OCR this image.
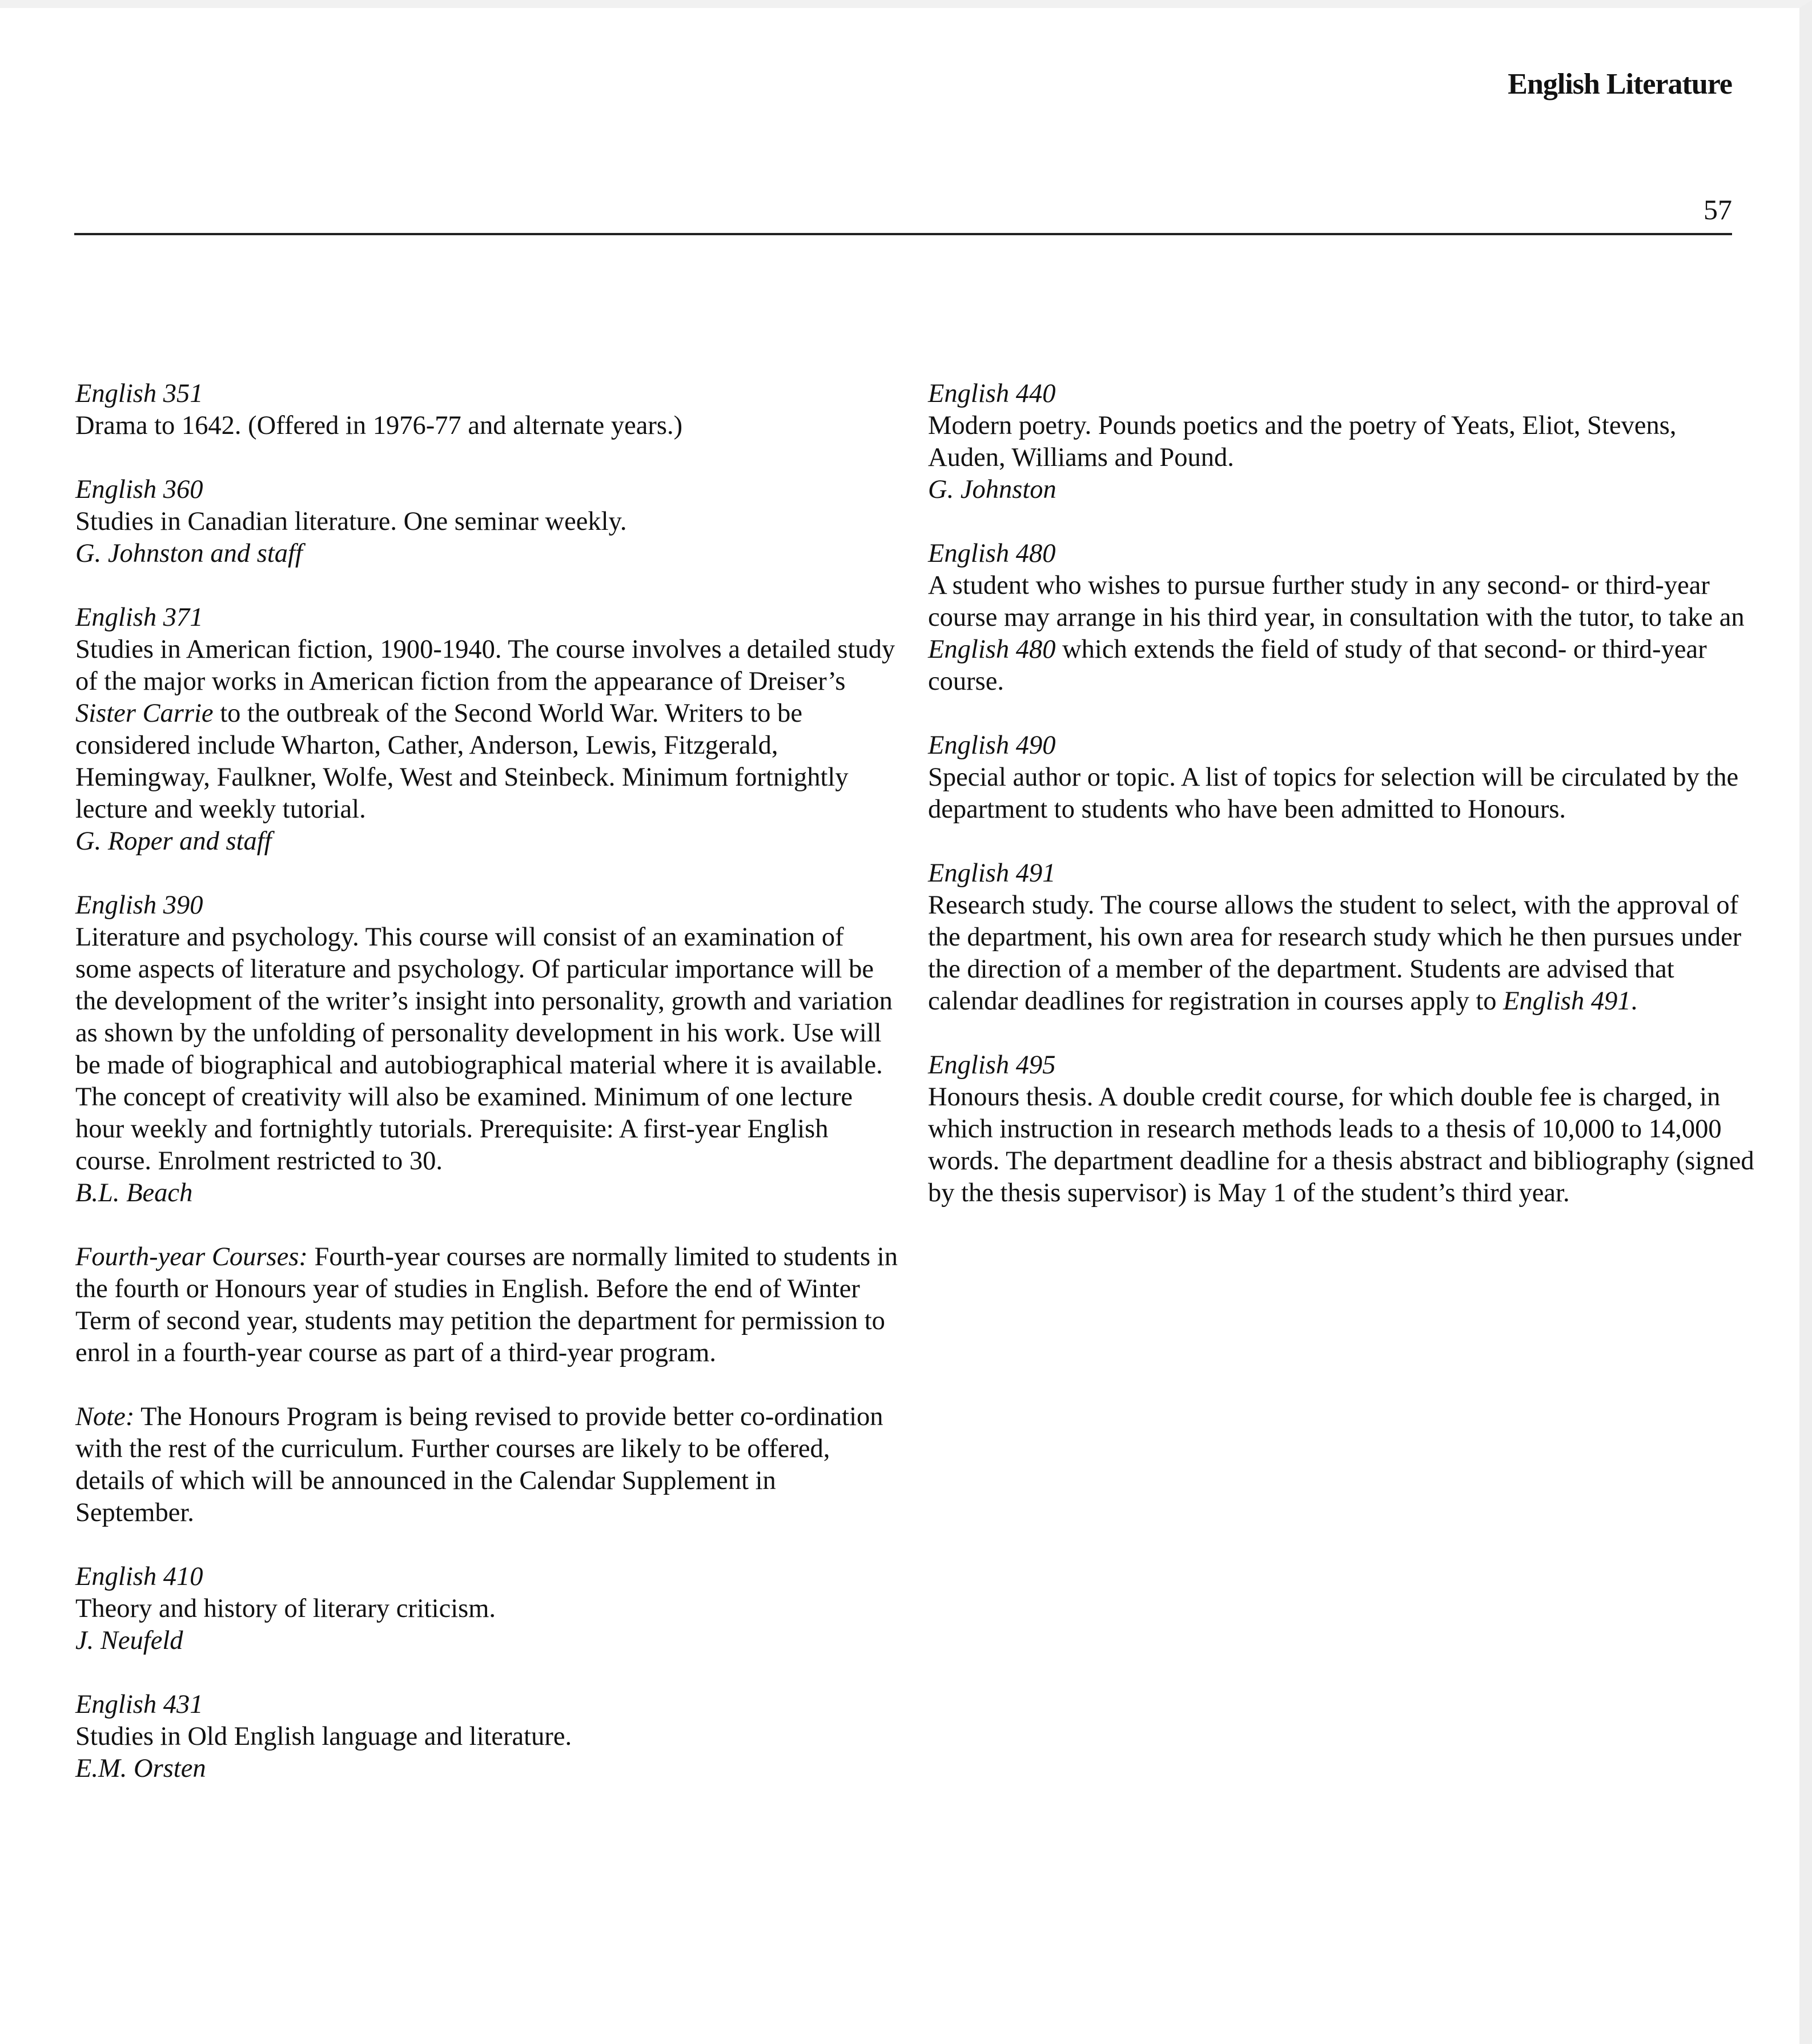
English Literature
57
English 351

Drama to 1642. (Offered in 1976-77 and alternate years.)

English 360

Studies in Canadian literature. One seminar weekly.

G. Johnston and staff
English 371

Studies in American fiction, 1900-1940. The course involves a detailed study of the major works in American fiction from the appearance of Dreiser’s Sister Carrie to the outbreak of the Second World War. Writers to be considered include Wharton, Cather, Anderson, Lewis, Fitzgerald, Hemingway, Faulkner, Wolfe, West and Steinbeck. Minimum fortnightly lecture and weekly tutorial.

G. Roper and staff
English 390

Literature and psychology. This course will consist of an examination of some aspects of literature and psychology. Of particular importance will be the development of the writer’s insight into personality, growth and variation as shown by the unfolding of personality development in his work. Use will be made of biographical and autobiographical material where it is available. The concept of creativity will also be examined. Minimum of one lecture hour weekly and fortnightly tutorials. Prerequisite: A first-year English course. Enrolment restricted to 30.

B.L. Beach

Fourth-year Courses: Fourth-year courses are normally limited to students in the fourth or Honours year of studies in English. Before the end of Winter Term of second year, students may petition the department for permission to enrol in a fourth-year course as part of a third-year program.

Note: The Honours Program is being revised to provide better co-ordination with the rest of the curriculum. Further courses are likely to be offered, details of which will be announced in the Calendar Supplement in September.

English 410

Theory and history of literary criticism.

J. Neufeld
English 431

Studies in Old English language and literature.

E.M. Orsten
English 440

Modern poetry. Pounds poetics and the poetry of Yeats, Eliot, Stevens, Auden, Williams and Pound.

G. Johnston
English 480

A student who wishes to pursue further study in any second- or third-year course may arrange in his third year, in consultation with the tutor, to take an English 480 which extends the field of study of that second- or third-year course.

English 490

Special author or topic. A list of topics for selection will be circulated by the department to students who have been admitted to Honours.

English 491

Research study. The course allows the student to select, with the approval of the department, his own area for research study which he then pursues under the direction of a member of the department. Students are advised that calendar deadlines for registration in courses apply to English 491.

English 495

Honours thesis. A double credit course, for which double fee is charged, in which instruction in research methods leads to a thesis of 10,000 to 14,000 words. The department deadline for a thesis abstract and bibliography (signed by the thesis supervisor) is May 1 of the student’s third year.
